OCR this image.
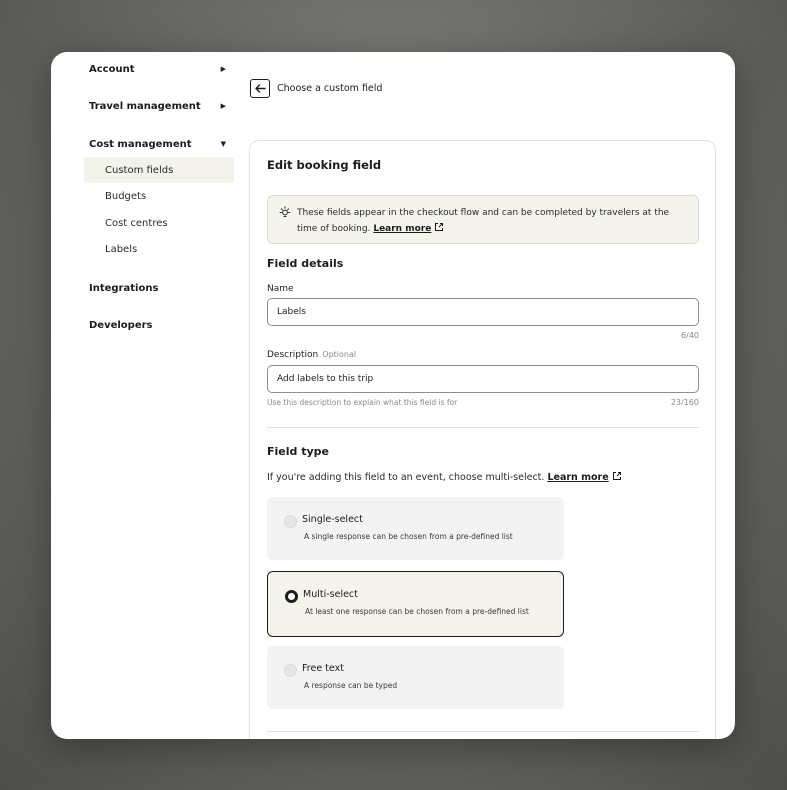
Account	▶
Travel management	▶
Cost management	▼
Custom fields
Budgets
Cost centres
Labels
Integrations
Developers
Choose a custom field
Edit booking field
These fields appear in the checkout flow and can be completed by travelers at the time of booking. Learn more
Field details
Name
Labels
6/40
Description Optional
Add labels to this trip
Use this description to explain what this field is for	23/160
Field type
If you're adding this field to an event, choose multi-select. Learn more
Single-select
A single response can be chosen from a pre-defined list
Multi-select
At least one response can be chosen from a pre-defined list
Free text
A response can be typed
